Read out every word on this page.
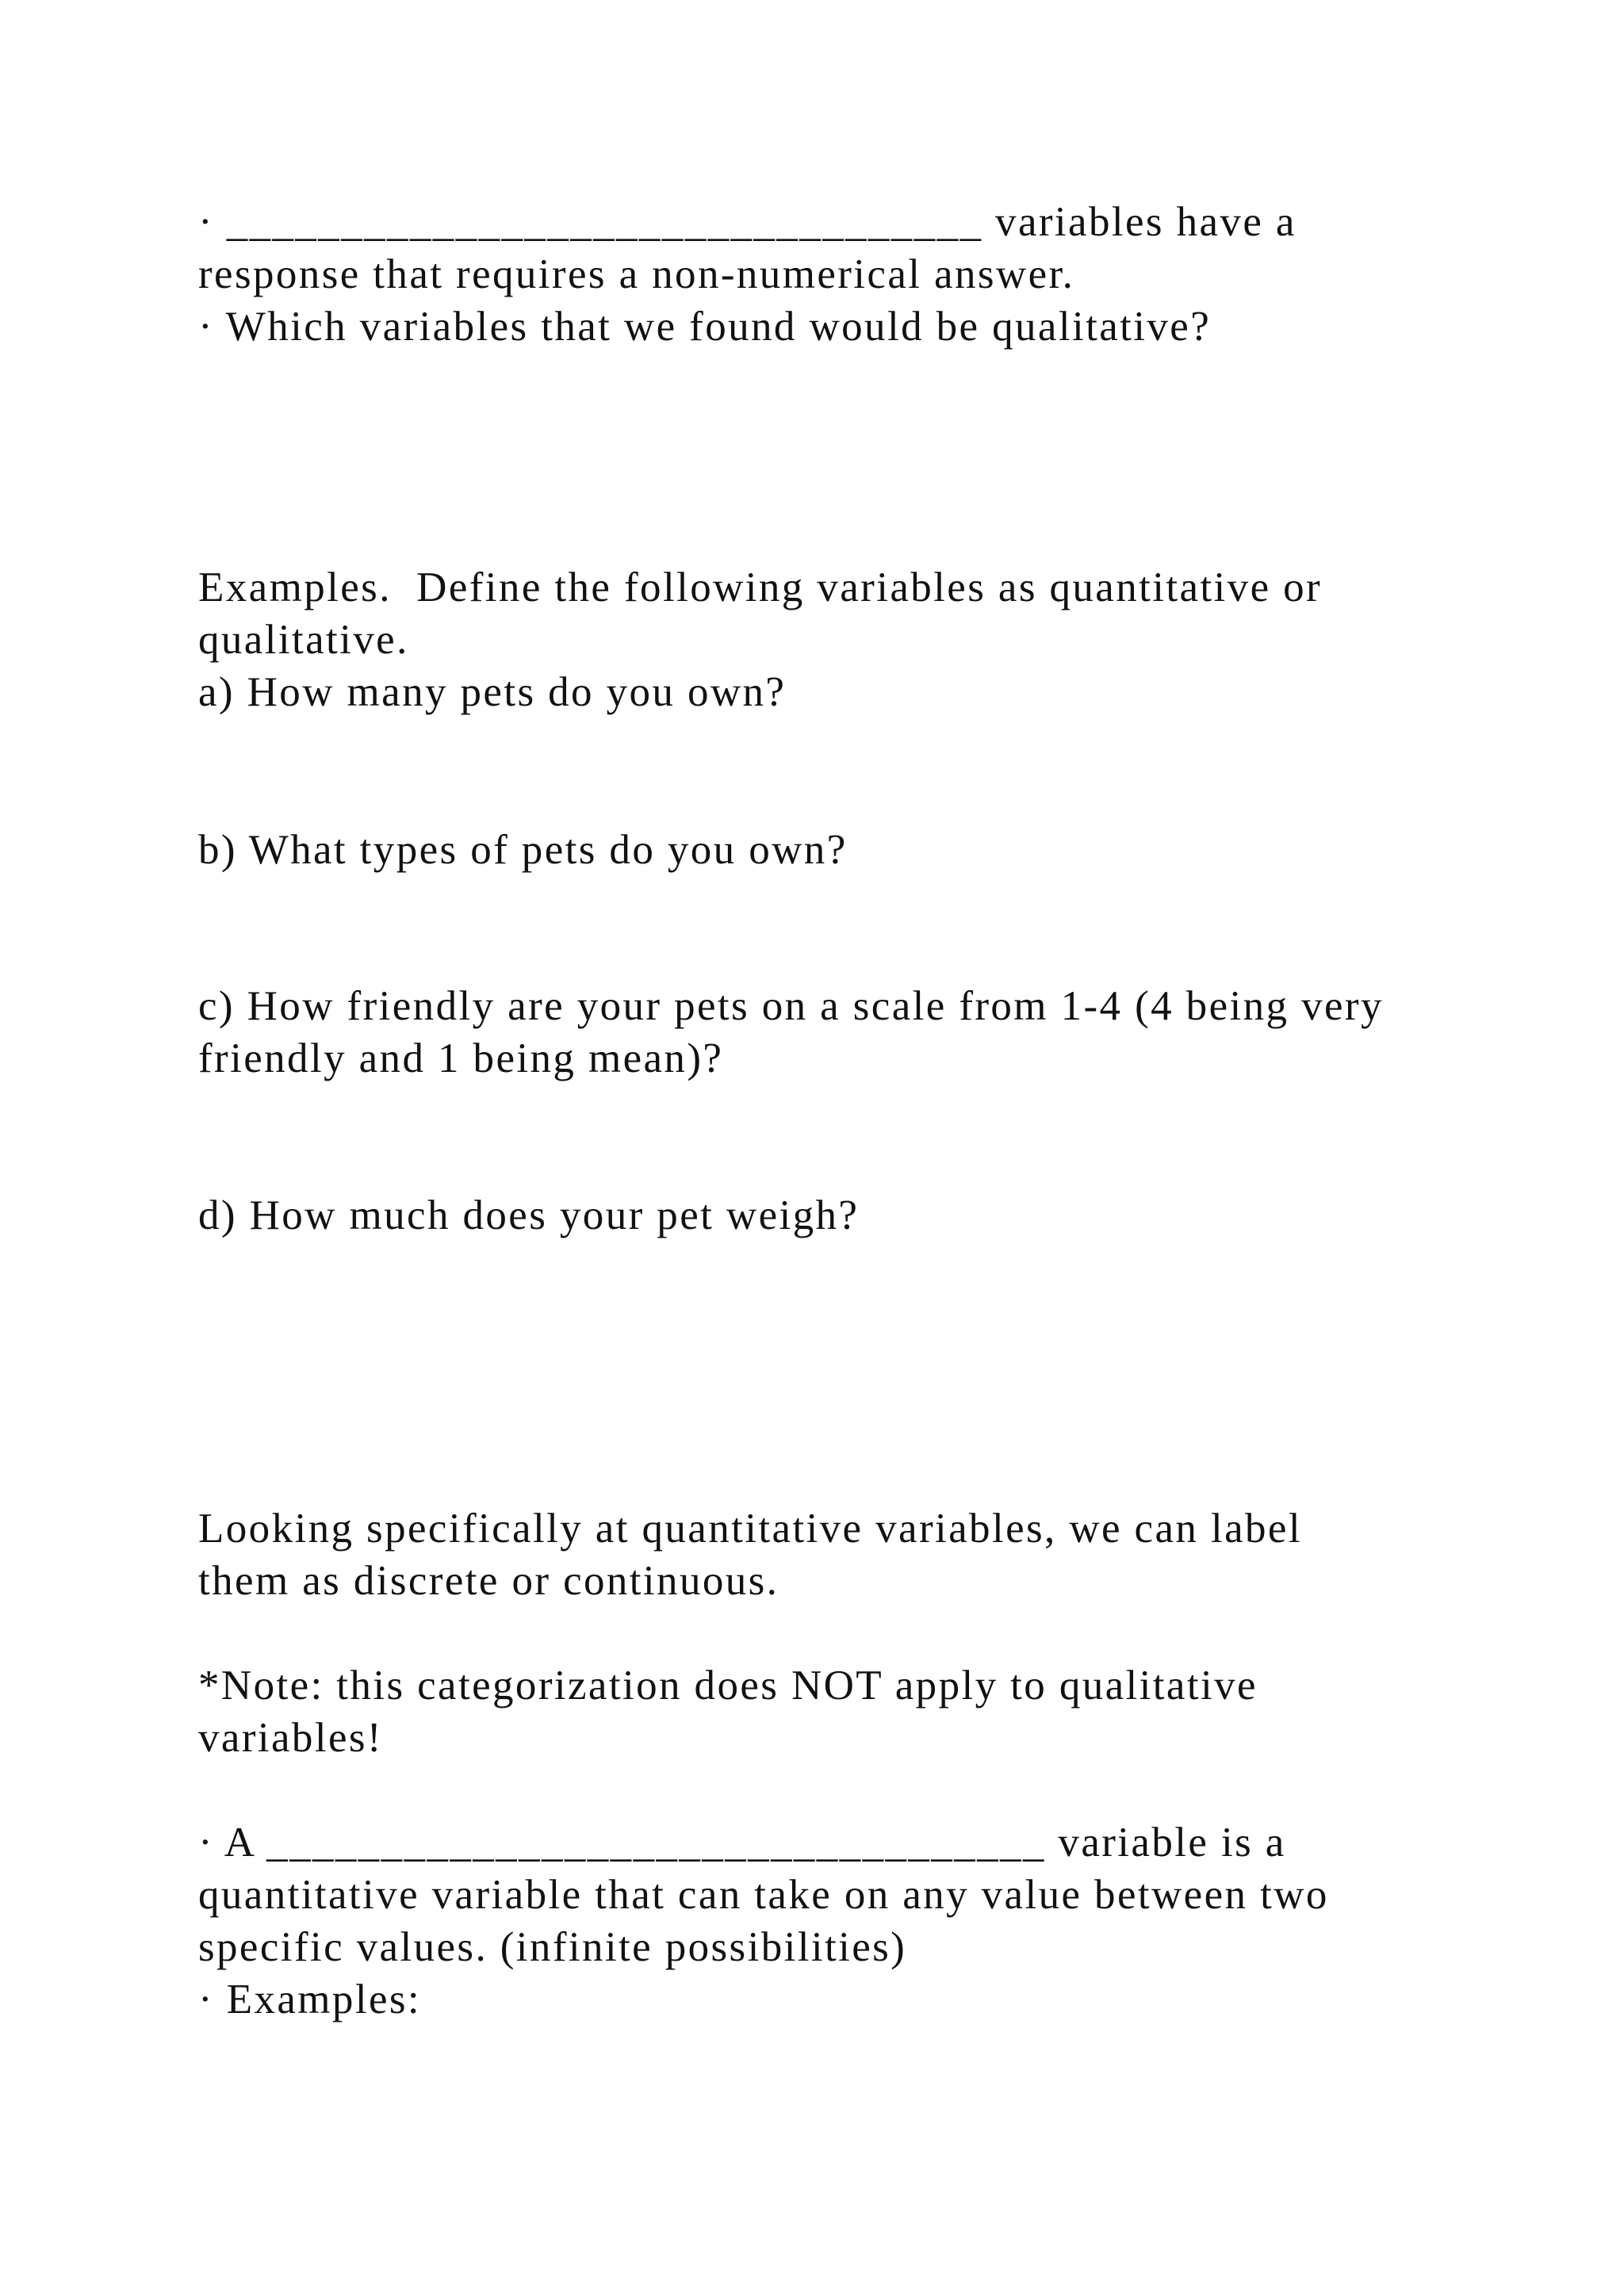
· _________________________________ variables have a

response that requires a non-numerical answer.

· Which variables that we found would be qualitative?

Examples.  Define the following variables as quantitative or

qualitative.

a) How many pets do you own?

b) What types of pets do you own?

c) How friendly are your pets on a scale from 1-4 (4 being very

friendly and 1 being mean)?

d) How much does your pet weigh?

Looking specifically at quantitative variables, we can label

them as discrete or continuous.

*Note: this categorization does NOT apply to qualitative

variables!

· A __________________________________ variable is a

quantitative variable that can take on any value between two

specific values. (infinite possibilities)

· Examples:
